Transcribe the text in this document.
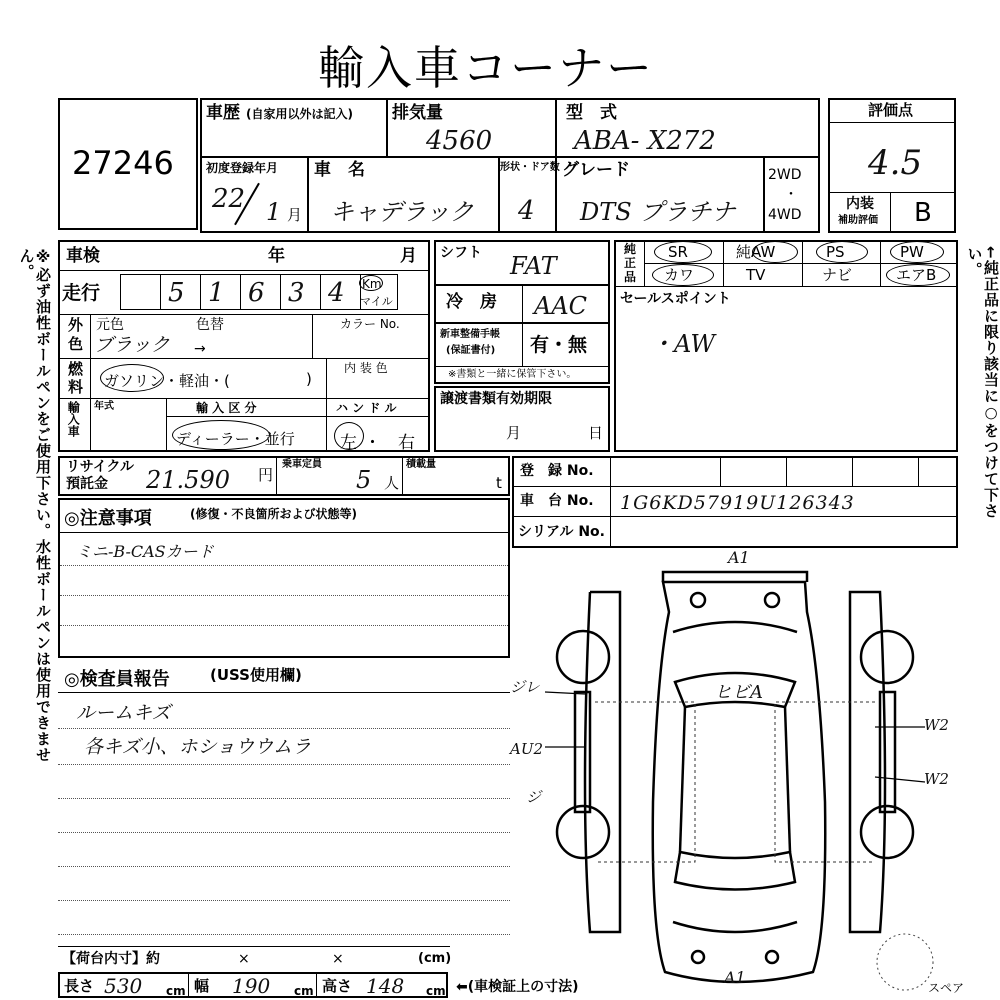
輸入車コーナー
※必ず油性ボールペンをご使用下さい。水性ボールペンは使用できません。	←純正品に限り該当に○をつけて下さい。
27246
車歴 (自家用以外は記入) 排気量
4560
型　式
ABA- X272
初度登録年月
22 1 月
車　名
キャデラック
形状・ドア数
4
グレード
DTS プラチナ
2WD
・
4WD
評価点
4.5
内装
補助評価 B
車検	年	月
走行	5 1 6 3 4 Km
マイル
外
色
元色	色替	カラー No.
ブラック →
燃
料 ガソリン・軽油・(	)
内 装 色
輸入車 年式	輸 入 区 分
ディーラー・並行
ハ ン ド ル
左 ・ 右
シフト FAT
冷　房 AAC
新車整備手帳
(保証書付) 有・無
※書類と一緒に保管下さい。
譲渡書類有効期限
月	日
純
正
品
SR	純AW	PS	PW
カワ	TV	ナビ	エアB
セールスポイント
・AW
リサイクル
預託金 21.590 円
乗車定員
5 人
積載量
t
登　録 No.
車　台 No. 1G6KD57919U126343
シリアル No.
◎注意事項	(修復・不良箇所および状態等)
ミニ-B-CASカード
◎検査員報告	(USS使用欄)
ルームキズ
各キズ小、ホショウウムラ
A1
A1
ヒビA
ジレ
AU2
ジ
W2
W2
スペア
【荷台内寸】約	×	×	(cm)
長さ 530 cm 幅 190 cm 高さ 148 cm ⬅(車検証上の寸法)
